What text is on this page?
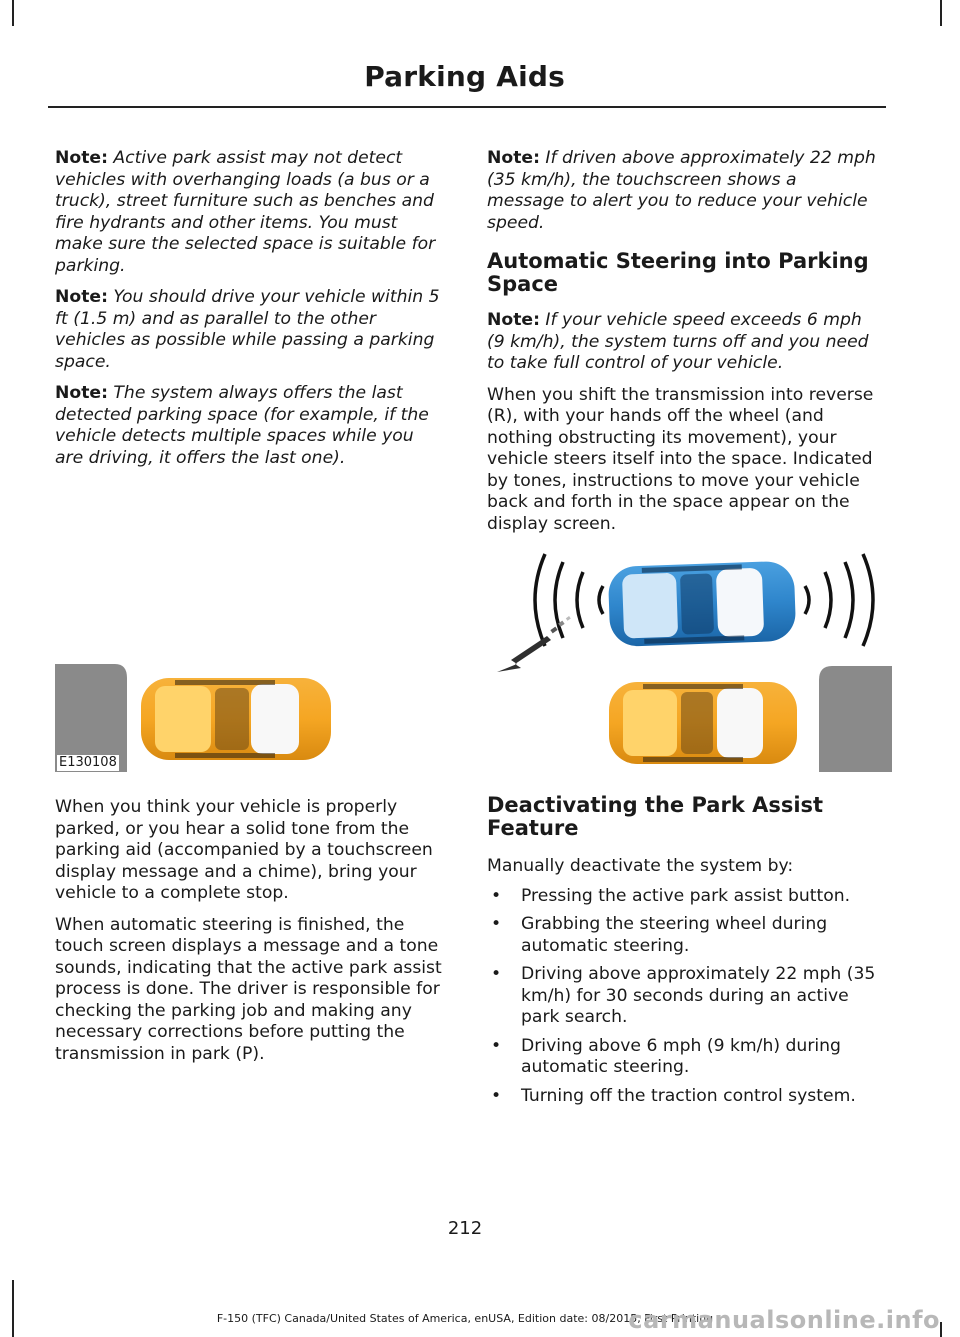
Parking Aids

Note: Active park assist may not detect vehicles with overhanging loads (a bus or a truck), street furniture such as benches and fire hydrants and other items. You must make sure the selected space is suitable for parking.

Note: You should drive your vehicle within 5 ft (1.5 m) and as parallel to the other vehicles as possible while passing a parking space.

Note: The system always offers the last detected parking space (for example, if the vehicle detects multiple spaces while you are driving, it offers the last one).

E130108

When you think your vehicle is properly parked, or you hear a solid tone from the parking aid (accompanied by a touchscreen display message and a chime), bring your vehicle to a complete stop.

When automatic steering is finished, the touch screen displays a message and a tone sounds, indicating that the active park assist process is done. The driver is responsible for checking the parking job and making any necessary corrections before putting the transmission in park (P).

Note: If driven above approximately 22 mph (35 km/h), the touchscreen shows a message to alert you to reduce your vehicle speed.

Automatic Steering into Parking Space

Note: If your vehicle speed exceeds 6 mph (9 km/h), the system turns off and you need to take full control of your vehicle.

When you shift the transmission into reverse (R), with your hands off the wheel (and nothing obstructing its movement), your vehicle steers itself into the space. Indicated by tones, instructions to move your vehicle back and forth in the space appear on the display screen.

Deactivating the Park Assist Feature

Manually deactivate the system by:

• Pressing the active park assist button.
• Grabbing the steering wheel during automatic steering.
• Driving above approximately 22 mph (35 km/h) for 30 seconds during an active park search.
• Driving above 6 mph (9 km/h) during automatic steering.
• Turning off the traction control system.
212
F-150 (TFC) Canada/United States of America, enUSA, Edition date: 08/2015, First Printing
carmanualsonline.info
